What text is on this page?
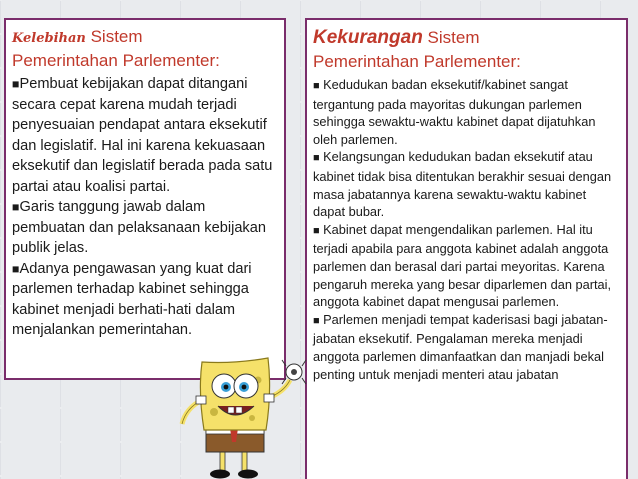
Kelebihan Sistem
Pemerintahan Parlementer:

■Pembuat kebijakan dapat ditangani secara cepat karena mudah terjadi penyesuaian pendapat antara eksekutif dan legislatif. Hal ini karena kekuasaan eksekutif dan legislatif berada pada satu partai atau koalisi partai.

■Garis tanggung jawab dalam pembuatan dan pelaksanaan kebijakan publik jelas.

■Adanya pengawasan yang kuat dari parlemen terhadap kabinet sehingga kabinet menjadi berhati-hati dalam menjalankan pemerintahan.

Kekurangan Sistem
Pemerintahan Parlementer:

■ Kedudukan badan eksekutif/kabinet sangat tergantung pada mayoritas dukungan parlemen sehingga sewaktu-waktu kabinet dapat dijatuhkan oleh parlemen.

■ Kelangsungan kedudukan badan eksekutif atau kabinet tidak bisa ditentukan berakhir sesuai dengan masa jabatannya karena sewaktu-waktu kabinet dapat bubar.

■ Kabinet dapat mengendalikan parlemen. Hal itu terjadi apabila para anggota kabinet adalah anggota parlemen dan berasal dari partai meyoritas. Karena pengaruh mereka yang besar diparlemen dan partai, anggota kabinet dapat mengusai parlemen.

■ Parlemen menjadi tempat kaderisasi bagi jabatan-jabatan eksekutif. Pengalaman mereka menjadi anggota parlemen dimanfaatkan dan manjadi bekal penting untuk menjadi menteri atau jabatan
